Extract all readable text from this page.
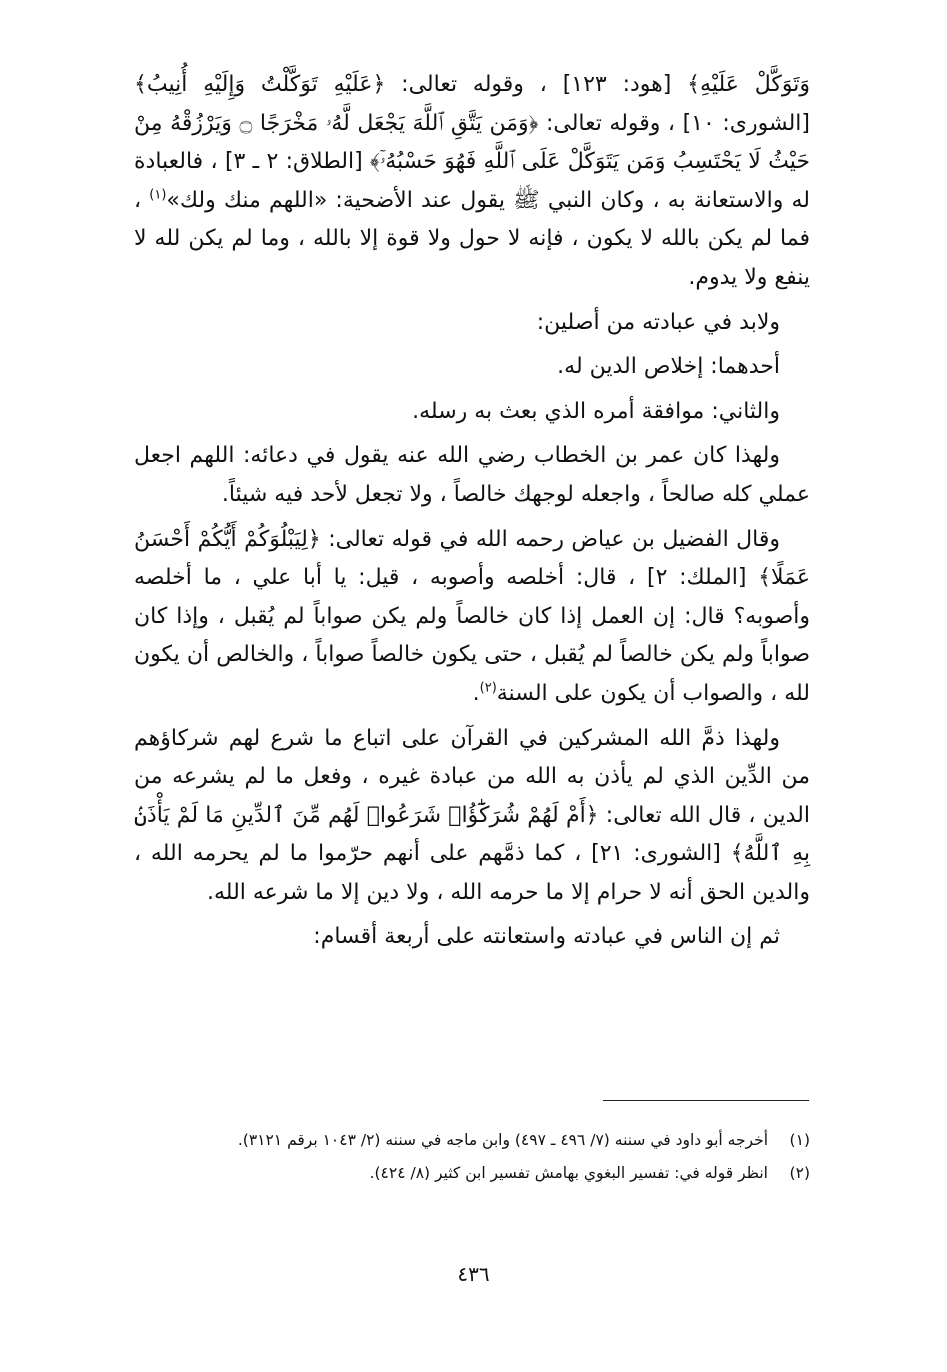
وَتَوَكَّلْ عَلَيْهِ﴾ [هود: ١٢٣] ، وقوله تعالى: ﴿عَلَيْهِ تَوَكَّلْتُ وَإِلَيْهِ أُنِيبُ﴾ [الشورى: ١٠] ، وقوله تعالى: ﴿وَمَن يَتَّقِ ٱللَّهَ يَجْعَل لَّهُۥ مَخْرَجًا ۝ وَيَرْزُقْهُ مِنْ حَيْثُ لَا يَحْتَسِبُ وَمَن يَتَوَكَّلْ عَلَى ٱللَّهِ فَهُوَ حَسْبُهُۥٓ﴾ [الطلاق: ٢ ـ ٣] ، فالعبادة له والاستعانة به ، وكان النبي ﷺ يقول عند الأضحية: «اللهم منك ولك»$^{(١)}$ ، فما لم يكن بالله لا يكون ، فإنه لا حول ولا قوة إلا بالله ، وما لم يكن لله لا ينفع ولا يدوم.

ولابد في عبادته من أصلين:

أحدهما: إخلاص الدين له.

والثاني: موافقة أمره الذي بعث به رسله.

ولهذا كان عمر بن الخطاب رضي الله عنه يقول في دعائه: اللهم اجعل عملي كله صالحاً ، واجعله لوجهك خالصاً ، ولا تجعل لأحد فيه شيئاً.

وقال الفضيل بن عياض رحمه الله في قوله تعالى: ﴿لِيَبْلُوَكُمْ أَيُّكُمْ أَحْسَنُ عَمَلًا﴾ [الملك: ٢] ، قال: أخلصه وأصوبه ، قيل: يا أبا علي ، ما أخلصه وأصوبه؟ قال: إن العمل إذا كان خالصاً ولم يكن صواباً لم يُقبل ، وإذا كان صواباً ولم يكن خالصاً لم يُقبل ، حتى يكون خالصاً صواباً ، والخالص أن يكون لله ، والصواب أن يكون على السنة$^{(٢)}$.

ولهذا ذمَّ الله المشركين في القرآن على اتباع ما شرع لهم شركاؤهم من الدِّين الذي لم يأذن به الله من عبادة غيره ، وفعل ما لم يشرعه من الدين ، قال الله تعالى: ﴿أَمْ لَهُمْ شُرَكَٰٓؤُا۟ شَرَعُوا۟ لَهُم مِّنَ ٱلدِّينِ مَا لَمْ يَأْذَنۢ بِهِ ٱللَّهُ﴾ [الشورى: ٢١] ، كما ذمَّهم على أنهم حرّموا ما لم يحرمه الله ، والدين الحق أنه لا حرام إلا ما حرمه الله ، ولا دين إلا ما شرعه الله.

ثم إن الناس في عبادته واستعانته على أربعة أقسام:

(١)أخرجه أبو داود في سننه (٧/ ٤٩٦ ـ ٤٩٧) وابن ماجه في سننه (٢/ ١٠٤٣ برقم ٣١٢١).

(٢)انظر قوله في: تفسير البغوي بهامش تفسير ابن كثير (٨/ ٤٢٤).

٤٣٦
